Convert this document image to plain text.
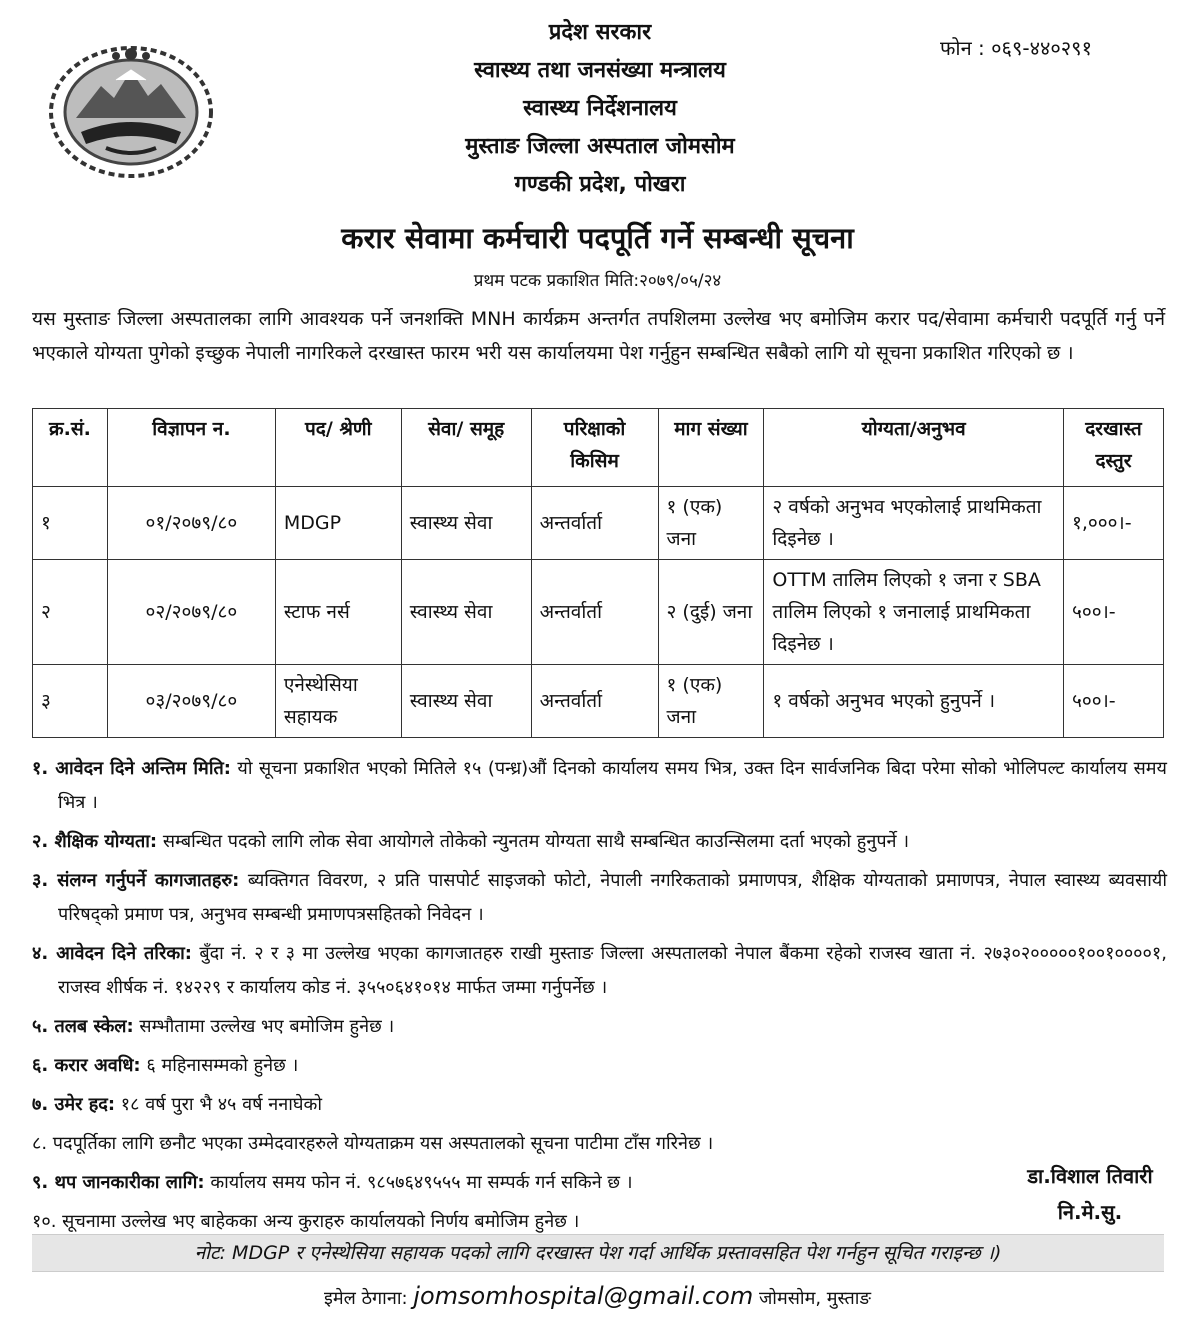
प्रदेश सरकार
स्वास्थ्य तथा जनसंख्या मन्त्रालय
स्वास्थ्य निर्देशनालय
मुस्ताङ जिल्ला अस्पताल जोमसोम
गण्डकी प्रदेश, पोखरा
फोन : ०६९-४४०२९१
करार सेवामा कर्मचारी पदपूर्ति गर्ने सम्बन्धी सूचना
प्रथम पटक प्रकाशित मिति:२०७९/०५/२४
यस मुस्ताङ जिल्ला अस्पतालका लागि आवश्यक पर्ने जनशक्ति MNH कार्यक्रम अन्तर्गत तपशिलमा उल्लेख भए बमोजिम करार पद/सेवामा कर्मचारी पदपूर्ति गर्नु पर्ने भएकाले योग्यता पुगेको इच्छुक नेपाली नागरिकले दरखास्त फारम भरी यस कार्यालयमा पेश गर्नुहुन सम्बन्धित सबैको लागि यो सूचना प्रकाशित गरिएको छ ।
क्र.सं.	विज्ञापन न.	पद/ श्रेणी	सेवा/ समूह	परिक्षाको किसिम	माग संख्या	योग्यता/अनुभव	दरखास्त दस्तुर
१	०१/२०७९/८०	MDGP	स्वास्थ्य सेवा	अन्तर्वार्ता	१ (एक) जना	२ वर्षको अनुभव भएकोलाई प्राथमिकता दिइनेछ ।	१,०००।-
२	०२/२०७९/८०	स्टाफ नर्स	स्वास्थ्य सेवा	अन्तर्वार्ता	२ (दुई) जना	OTTM तालिम लिएको १ जना र SBA तालिम लिएको १ जनालाई प्राथमिकता दिइनेछ ।	५००।-
३	०३/२०७९/८०	एनेस्थेसिया सहायक	स्वास्थ्य सेवा	अन्तर्वार्ता	१ (एक) जना	१ वर्षको अनुभव भएको हुनुपर्ने ।	५००।-
१. आवेदन दिने अन्तिम मिति: यो सूचना प्रकाशित भएको मितिले १५ (पन्ध्र)औं दिनको कार्यालय समय भित्र, उक्त दिन सार्वजनिक बिदा परेमा सोको भोलिपल्ट कार्यालय समय भित्र ।
२. शैक्षिक योग्यता: सम्बन्धित पदको लागि लोक सेवा आयोगले तोकेको न्युनतम योग्यता साथै सम्बन्धित काउन्सिलमा दर्ता भएको हुनुपर्ने ।
३. संलग्न गर्नुपर्ने कागजातहरु: ब्यक्तिगत विवरण, २ प्रति पासपोर्ट साइजको फोटो, नेपाली नगरिकताको प्रमाणपत्र, शैक्षिक योग्यताको प्रमाणपत्र, नेपाल स्वास्थ्य ब्यवसायी परिषद्को प्रमाण पत्र, अनुभव सम्बन्धी प्रमाणपत्रसहितको निवेदन ।
४. आवेदन दिने तरिका: बुँदा नं. २ र ३ मा उल्लेख भएका कागजातहरु राखी मुस्ताङ जिल्ला अस्पतालको नेपाल बैंकमा रहेको राजस्व खाता नं. २७३०२०००००१००१००००१, राजस्व शीर्षक नं. १४२२९ र कार्यालय कोड नं. ३५५०६४१०१४ मार्फत जम्मा गर्नुपर्नेछ ।
५. तलब स्केल: सम्भौतामा उल्लेख भए बमोजिम हुनेछ ।
६. करार अवधि: ६ महिनासम्मको हुनेछ ।
७. उमेर हद: १८ वर्ष पुरा भै ४५ वर्ष ननाघेको
८. पदपूर्तिका लागि छनौट भएका उम्मेदवारहरुले योग्यताक्रम यस अस्पतालको सूचना पाटीमा टाँस गरिनेछ ।
९. थप जानकारीका लागि: कार्यालय समय फोन नं. ९८५७६४९५५५ मा सम्पर्क गर्न सकिने छ ।
१०. सूचनामा उल्लेख भए बाहेकका अन्य कुराहरु कार्यालयको निर्णय बमोजिम हुनेछ ।
डा.विशाल तिवारी
नि.मे.सु.
नोट: MDGP र एनेस्थेसिया सहायक पदको लागि दरखास्त पेश गर्दा आर्थिक प्रस्तावसहित पेश गर्नहुन सूचित गराइन्छ ।)
इमेल ठेगाना: jomsomhospital@gmail.com जोमसोम, मुस्ताङ
